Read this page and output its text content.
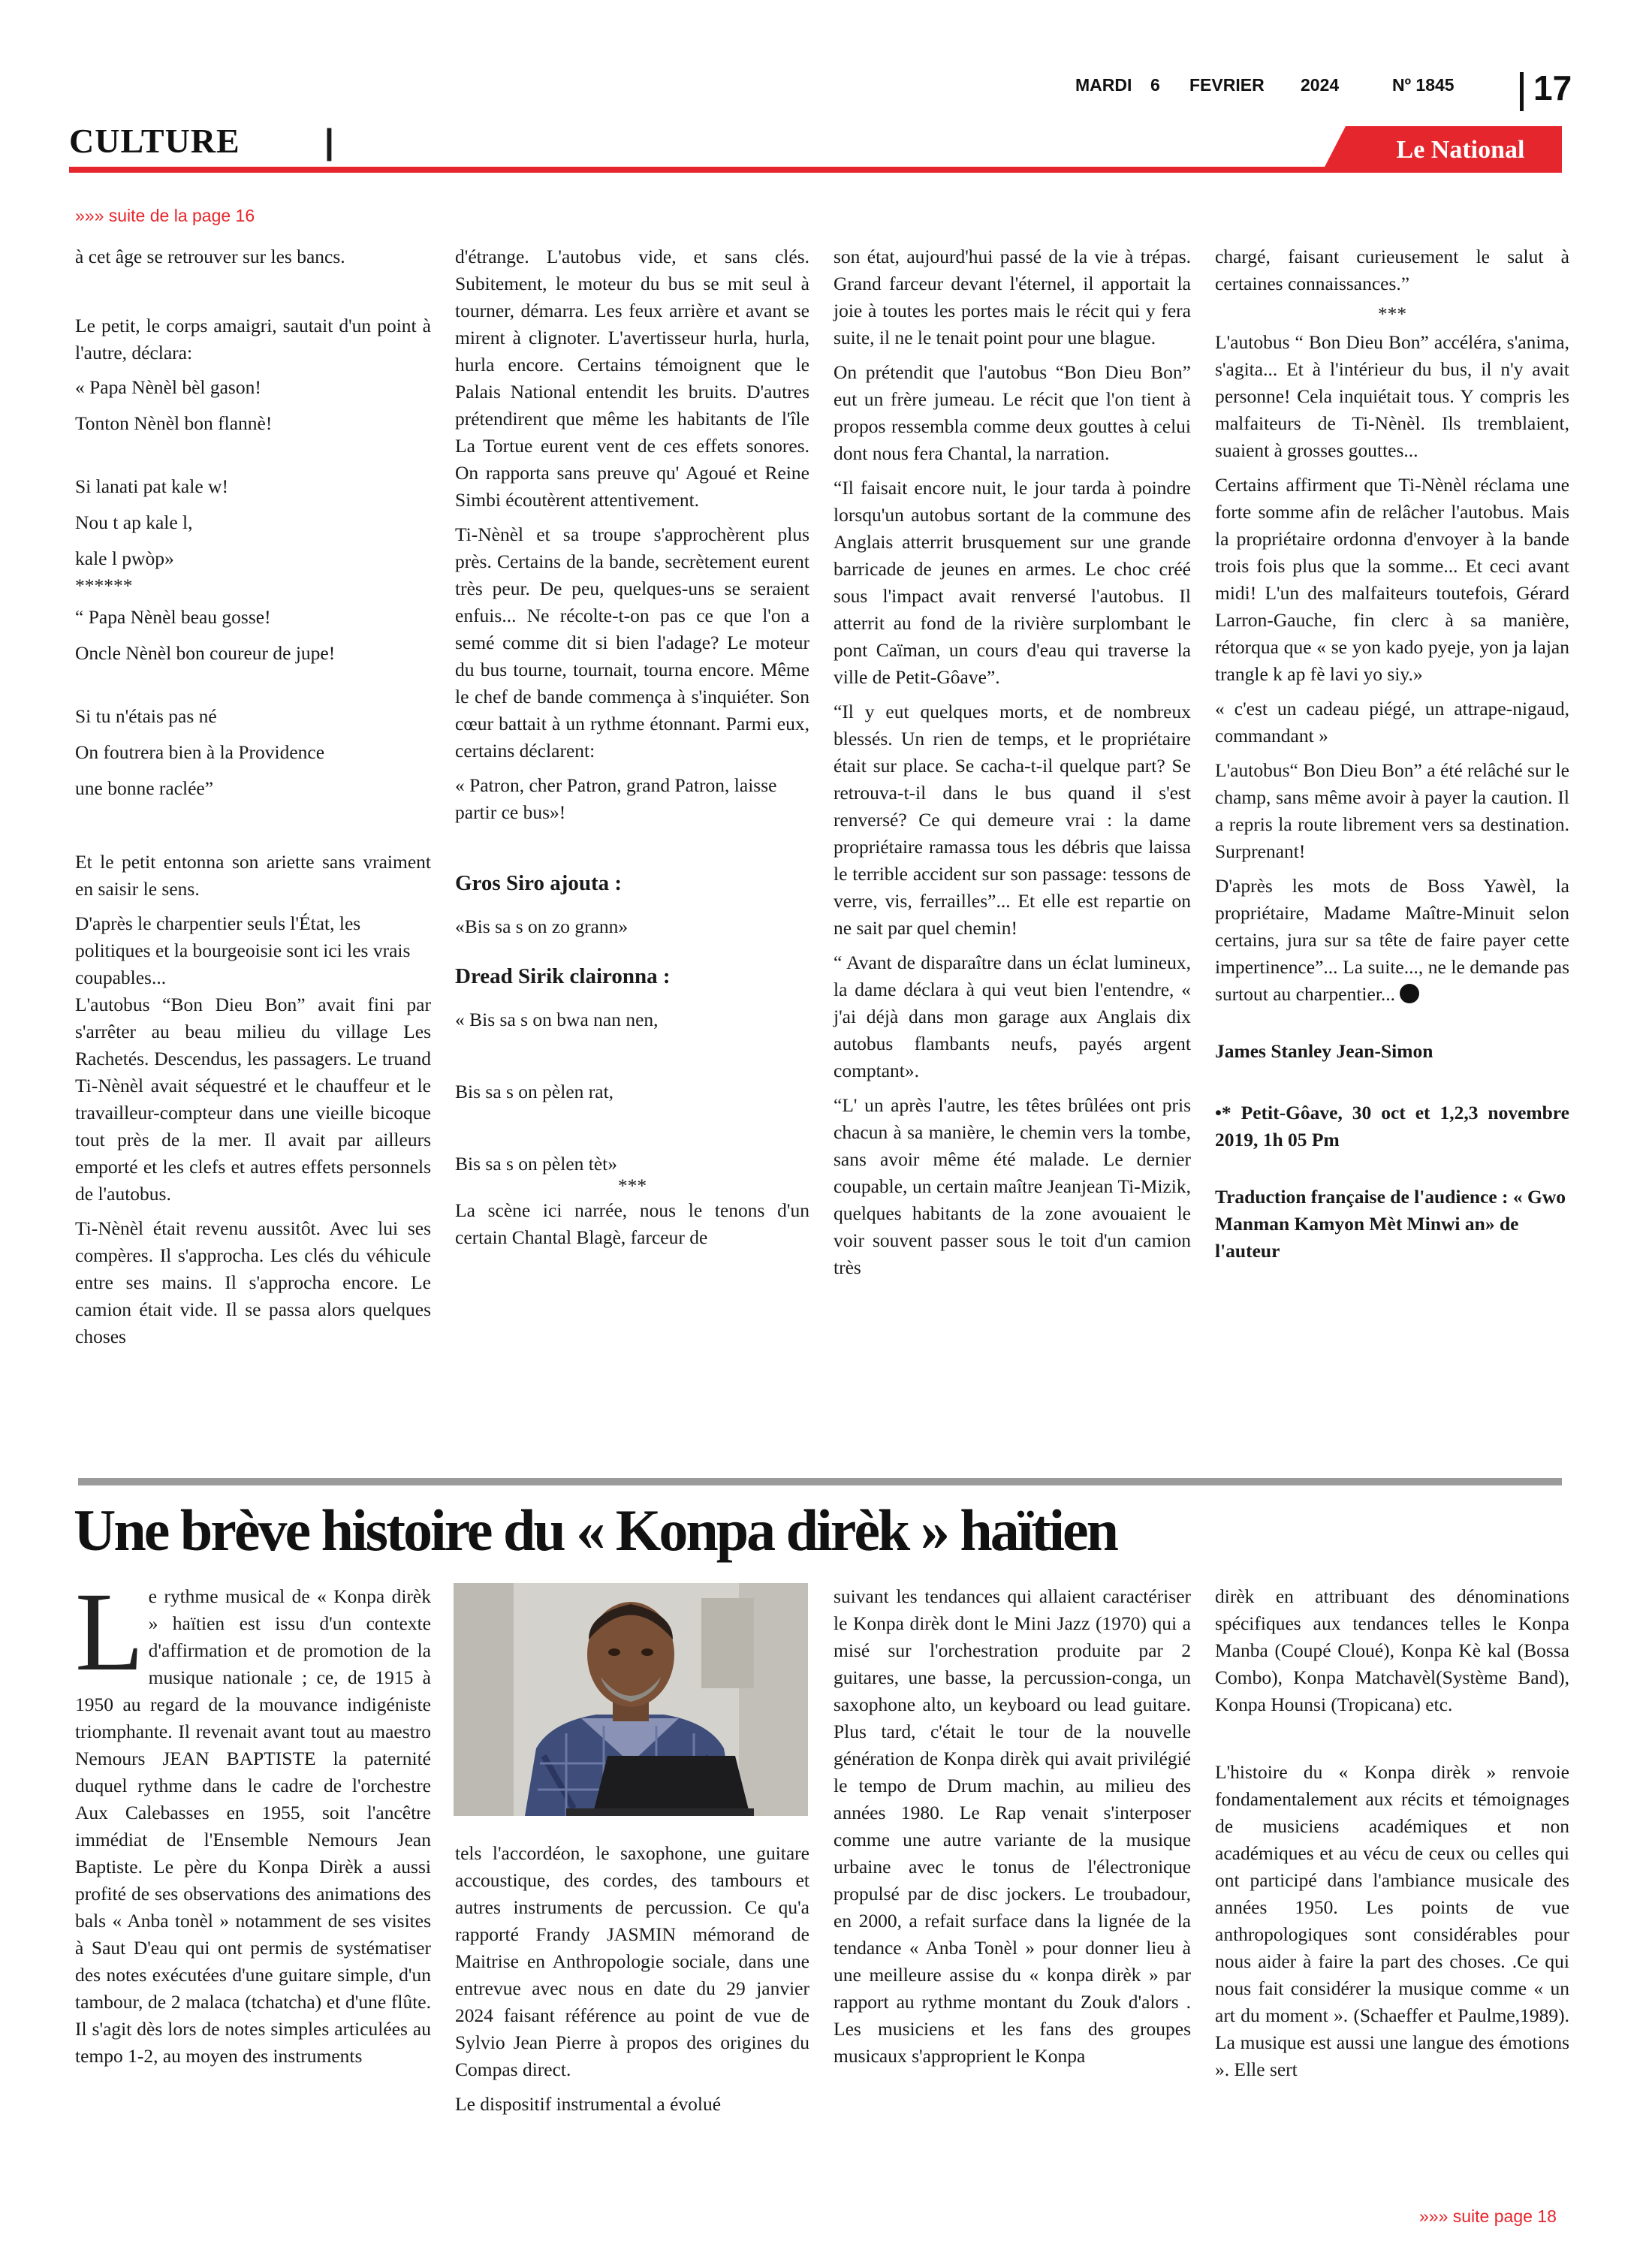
MARDI 6 FEVRIER 2024	Nº 1845 17
CULTURE |	Le National
»»» suite de la page 16

à cet âge se retrouver sur les bancs.

Le petit, le corps amaigri, sautait d'un point à l'autre, déclara:

« Papa Nènèl bèl gason!

Tonton Nènèl bon flannè!

Si lanati pat kale w!

Nou t ap kale l,

kale l pwòp»

******

“ Papa Nènèl beau gosse!

Oncle Nènèl bon coureur de jupe!

Si tu n'étais pas né

On foutrera bien à la Providence

une bonne raclée”

Et le petit entonna son ariette sans vraiment en saisir le sens.

D'après le charpentier seuls l'État, les politiques et la bourgeoisie sont ici les vrais coupables...

L'autobus “Bon Dieu Bon” avait fini par s'arrêter au beau milieu du village Les Rachetés. Descendus, les passagers. Le truand Ti-Nènèl avait séquestré et le chauffeur et le travailleur-compteur dans une vieille bicoque tout près de la mer. Il avait par ailleurs emporté et les clefs et autres effets personnels de l'autobus.

Ti-Nènèl était revenu aussitôt. Avec lui ses compères. Il s'approcha. Les clés du véhicule entre ses mains. Il s'approcha encore. Le camion était vide. Il se passa alors quelques choses

d'étrange. L'autobus vide, et sans clés. Subitement, le moteur du bus se mit seul à tourner, démarra. Les feux arrière et avant se mirent à clignoter. L'avertisseur hurla, hurla, hurla encore. Certains témoignent que le Palais National entendit les bruits. D'autres prétendirent que même les habitants de l'île La Tortue eurent vent de ces effets sonores. On rapporta sans preuve qu' Agoué et Reine Simbi écoutèrent attentivement.

Ti-Nènèl et sa troupe s'approchèrent plus près. Certains de la bande, secrètement eurent très peur. De peu, quelques-uns se seraient enfuis... Ne récolte-t-on pas ce que l'on a semé comme dit si bien l'adage? Le moteur du bus tourne, tournait, tourna encore. Même le chef de bande commença à s'inquiéter. Son cœur battait à un rythme étonnant. Parmi eux, certains déclarent:

« Patron, cher Patron, grand Patron, laisse partir ce bus»!

Gros Siro ajouta :

«Bis sa s on zo grann»

Dread Sirik claironna :

« Bis sa s on bwa nan nen,

Bis sa s on pèlen rat,

Bis sa s on pèlen tèt»

***

La scène ici narrée, nous le tenons d'un certain Chantal Blagè, farceur de

son état, aujourd'hui passé de la vie à trépas. Grand farceur devant l'éternel, il apportait la joie à toutes les portes mais le récit qui y fera suite, il ne le tenait point pour une blague.

On prétendit que l'autobus “Bon Dieu Bon” eut un frère jumeau. Le récit que l'on tient à propos ressembla comme deux gouttes à celui dont nous fera Chantal, la narration.

“Il faisait encore nuit, le jour tarda à poindre lorsqu'un autobus sortant de la commune des Anglais atterrit brusquement sur une grande barricade de jeunes en armes. Le choc créé sous l'impact avait renversé l'autobus. Il atterrit au fond de la rivière surplombant le pont Caïman, un cours d'eau qui traverse la ville de Petit-Gôave”.

“Il y eut quelques morts, et de nombreux blessés. Un rien de temps, et le propriétaire était sur place. Se cacha-t-il quelque part? Se retrouva-t-il dans le bus quand il s'est renversé? Ce qui demeure vrai : la dame propriétaire ramassa tous les débris que laissa le terrible accident sur son passage: tessons de verre, vis, ferrailles”... Et elle est repartie on ne sait par quel chemin!

“ Avant de disparaître dans un éclat lumineux, la dame déclara à qui veut bien l'entendre, « j'ai déjà dans mon garage aux Anglais dix autobus flambants neufs, payés argent comptant».

“L' un après l'autre, les têtes brûlées ont pris chacun à sa manière, le chemin vers la tombe, sans avoir même été malade. Le dernier coupable, un certain maître Jeanjean Ti-Mizik, quelques habitants de la zone avouaient le voir souvent passer sous le toit d'un camion très

chargé, faisant curieusement le salut à certaines connaissances.”

***

L'autobus “ Bon Dieu Bon” accéléra, s'anima, s'agita... Et à l'intérieur du bus, il n'y avait personne! Cela inquiétait tous. Y compris les malfaiteurs de Ti-Nènèl. Ils tremblaient, suaient à grosses gouttes...

Certains affirment que Ti-Nènèl réclama une forte somme afin de relâcher l'autobus. Mais la propriétaire ordonna d'envoyer à la bande trois fois plus que la somme... Et ceci avant midi! L'un des malfaiteurs toutefois, Gérard Larron-Gauche, fin clerc à sa manière, rétorqua que « se yon kado pyeje, yon ja lajan trangle k ap fè lavi yo siy.»

« c'est un cadeau piégé, un attrape-nigaud, commandant »

L'autobus“ Bon Dieu Bon” a été relâché sur le champ, sans même avoir à payer la caution. Il a repris la route librement vers sa destination. Surprenant!

D'après les mots de Boss Yawèl, la propriétaire, Madame Maître-Minuit selon certains, jura sur sa tête de faire payer cette impertinence”... La suite..., ne le demande pas surtout au charpentier...

James Stanley Jean-Simon

•* Petit-Gôave, 30 oct et 1,2,3 novembre 2019, 1h 05 Pm

Traduction française de l'audience : « Gwo Manman Kamyon Mèt Minwi an» de l'auteur

Une brève histoire du « Konpa dirèk » haïtien

Le rythme musical de « Konpa dirèk » haïtien est issu d'un contexte d'affirmation et de promotion de la musique nationale ; ce, de 1915 à 1950 au regard de la mouvance indigéniste triomphante. Il revenait avant tout au maestro Nemours JEAN BAPTISTE la paternité duquel rythme dans le cadre de l'orchestre Aux Calebasses en 1955, soit l'ancêtre immédiat de l'Ensemble Nemours Jean Baptiste. Le père du Konpa Dirèk a aussi profité de ses observations des animations des bals « Anba tonèl » notamment de ses visites à Saut D'eau qui ont permis de systématiser des notes exécutées d'une guitare simple, d'un tambour, de 2 malaca (tchatcha) et d'une flûte. Il s'agit dès lors de notes simples articulées au tempo 1-2, au moyen des instruments

tels l'accordéon, le saxophone, une guitare accoustique, des cordes, des tambours et autres instruments de percussion. Ce qu'a rapporté Frandy JASMIN mémorand de Maitrise en Anthropologie sociale, dans une entrevue avec nous en date du 29 janvier 2024 faisant référence au point de vue de Sylvio Jean Pierre à propos des origines du Compas direct.

Le dispositif instrumental a évolué

suivant les tendances qui allaient caractériser le Konpa dirèk dont le Mini Jazz (1970) qui a misé sur l'orchestration produite par 2 guitares, une basse, la percussion-conga, un saxophone alto, un keyboard ou lead guitare. Plus tard, c'était le tour de la nouvelle génération de Konpa dirèk qui avait privilégié le tempo de Drum machin, au milieu des années 1980. Le Rap venait s'interposer comme une autre variante de la musique urbaine avec le tonus de l'électronique propulsé par de disc jockers. Le troubadour, en 2000, a refait surface dans la lignée de la tendance « Anba Tonèl » pour donner lieu à une meilleure assise du « konpa dirèk » par rapport au rythme montant du Zouk d'alors . Les musiciens et les fans des groupes musicaux s'approprient le Konpa

dirèk en attribuant des dénominations spécifiques aux tendances telles le Konpa Manba (Coupé Cloué), Konpa Kè kal (Bossa Combo), Konpa Matchavèl(Système Band), Konpa Hounsi (Tropicana) etc.

L'histoire du « Konpa dirèk » renvoie fondamentalement aux récits et témoignages de musiciens académiques et non académiques et au vécu de ceux ou celles qui ont participé dans l'ambiance musicale des années 1950. Les points de vue anthropologiques sont considérables pour nous aider à faire la part des choses. .Ce qui nous fait considérer la musique comme « un art du moment ». (Schaeffer et Paulme,1989). La musique est aussi une langue des émotions ». Elle sert

»»» suite page 18
